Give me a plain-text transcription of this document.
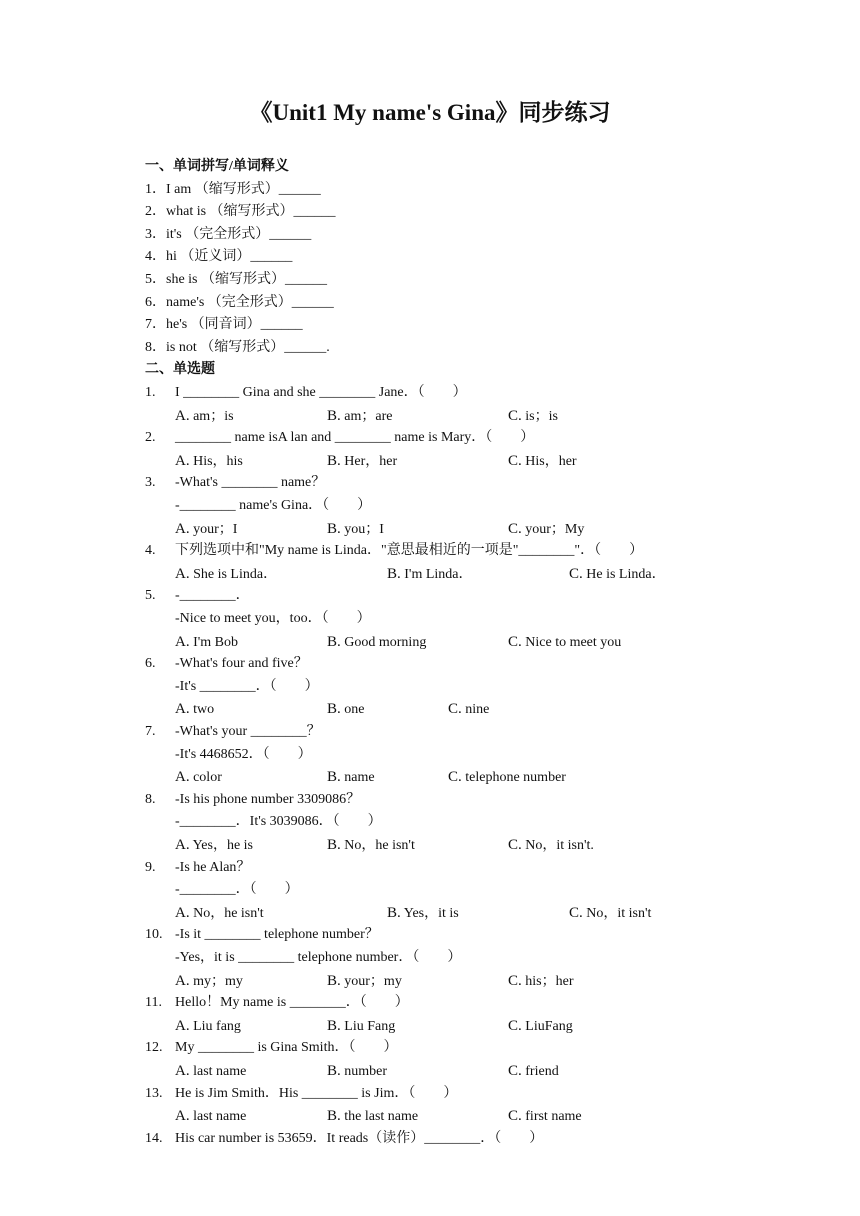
《Unit1 My name's Gina》同步练习
一、单词拼写/单词释义
1．I am （缩写形式）______
2．what is （缩写形式）______
3．it's （完全形式）______
4．hi （近义词）______
5．she is （缩写形式）______
6．name's （完全形式）______
7．he's （同音词）______
8．is not （缩写形式）______.
二、单选题
1. I ________ Gina and she ________ Jane．（　　）
A. am；is	B. am；are	C. is；is
2. ________ name isA lan and ________ name is Mary．（　　）
A. His，his	B. Her，her	C. His，her
3. -What's ________ name？
-________ name's Gina．（　　）
A. your；I	B. you；I	C. your；My
4. 下列选项中和"My name is Linda．"意思最相近的一项是"________"．（　　）
A. She is Linda．	B. I'm Linda．	C. He is Linda．
5. -________．
-Nice to meet you，too．（　　）
A. I'm Bob	B. Good morning	C. Nice to meet you
6. -What's four and five？
-It's ________．（　　）
A. two	B. one	C. nine
7. -What's your ________？
-It's 4468652．（　　）
A. color	B. name	C. telephone number
8. -Is his phone number 3309086？
-________．It's 3039086．（　　）
A. Yes，he is	B. No，he isn't	C. No，it isn't.
9. -Is he Alan？
-________．（　　）
A. No，he isn't	B. Yes，it is	C. No，it isn't
10. -Is it ________ telephone number？
-Yes，it is ________ telephone number．（　　）
A. my；my	B. your；my	C. his；her
11. Hello！My name is ________．（　　）
A. Liu fang	B. Liu Fang	C. LiuFang
12. My ________ is Gina Smith．（　　）
A. last name	B. number	C. friend
13. He is Jim Smith．His ________ is Jim．（　　）
A. last name	B. the last name	C. first name
14. His car number is 53659．It reads（读作）________．（　　）
